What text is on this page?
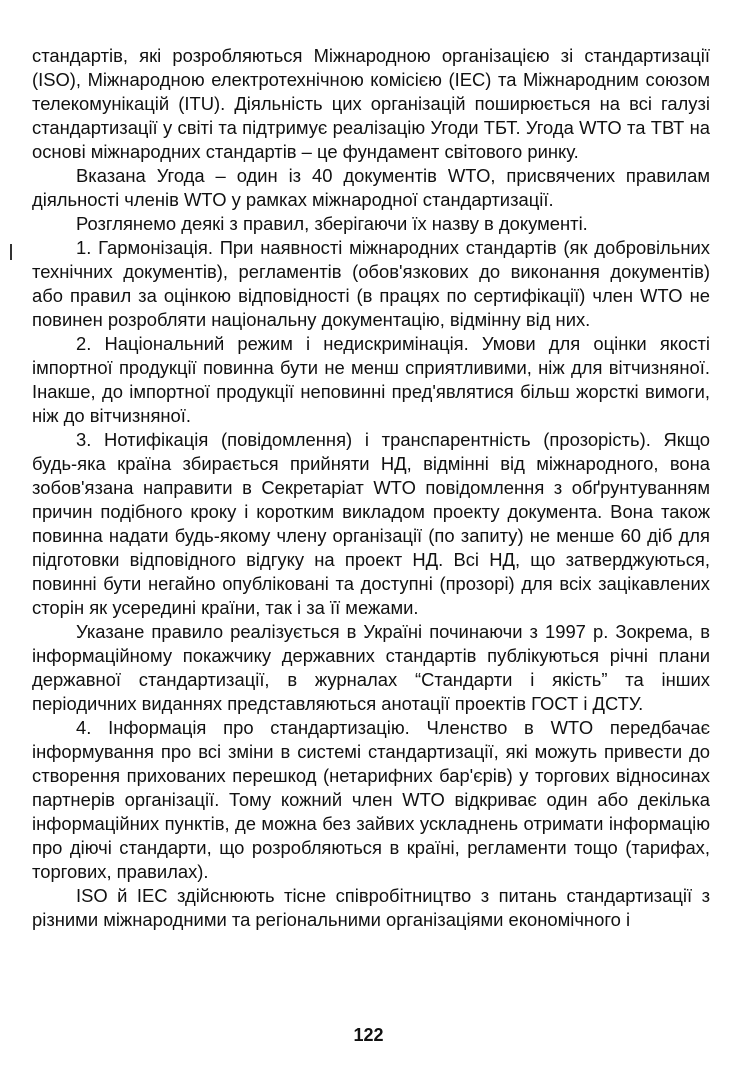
стандартів, які розробляються Міжнародною організацією зі стандартизації (ISO), Міжнародною електротехнічною комісією (IEC) та Міжнародним союзом телекомунікацій (ITU). Діяльність цих організацій поширюється на всі галузі стандартизації у світі та підтримує реалізацію Угоди ТБТ. Угода WTO та ТВТ на основі міжнародних стандартів – це фундамент світового ринку.

Вказана Угода – один із 40 документів WTO, присвячених правилам діяльності членів WTO у рамках міжнародної стандартизації.

Розглянемо деякі з правил, зберігаючи їх назву в документі.

1. Гармонізація. При наявності міжнародних стандартів (як добровільних технічних документів), регламентів (обов'язкових до виконання документів) або правил за оцінкою відповідності (в працях по сертифікації) член WTO не повинен розробляти національну документацію, відмінну від них.

2. Національний режим і недискримінація. Умови для оцінки якості імпортної продукції повинна бути не менш сприятливими, ніж для вітчизняної. Інакше, до імпортної продукції неповинні пред'являтися більш жорсткі вимоги, ніж до вітчизняної.

3. Нотифікація (повідомлення) і транспарентність (прозорість). Якщо будь-яка країна збирається прийняти НД, відмінні від міжнародного, вона зобов'язана направити в Секретаріат WTO повідомлення з обґрунтуванням причин подібного кроку і коротким викладом проекту документа. Вона також повинна надати будь-якому члену організації (по запиту) не менше 60 діб для підготовки відповідного відгуку на проект НД. Всі НД, що затверджуються, повинні бути негайно опубліковані та доступні (прозорі) для всіх зацікавлених сторін як усередині країни, так і за її межами.

Указане правило реалізується в Україні починаючи з 1997 р. Зокрема, в інформаційному покажчику державних стандартів публікуються річні плани державної стандартизації, в журналах “Стандарти і якість” та інших періодичних виданнях представляються анотації проектів ГОСТ і ДСТУ.

4. Інформація про стандартизацію. Членство в WTO передбачає інформування про всі зміни в системі стандартизації, які можуть привести до створення прихованих перешкод (нетарифних бар'єрів) у торгових відносинах партнерів організації. Тому кожний член WTO відкриває один або декілька інформаційних пунктів, де можна без зайвих ускладнень отримати інформацію про діючі стандарти, що розробляються в країні, регламенти тощо (тарифах, торгових, правилах).

ISO й IEC здійснюють тісне співробітництво з питань стандартизації з різними міжнародними та регіональними організаціями економічного і

122
